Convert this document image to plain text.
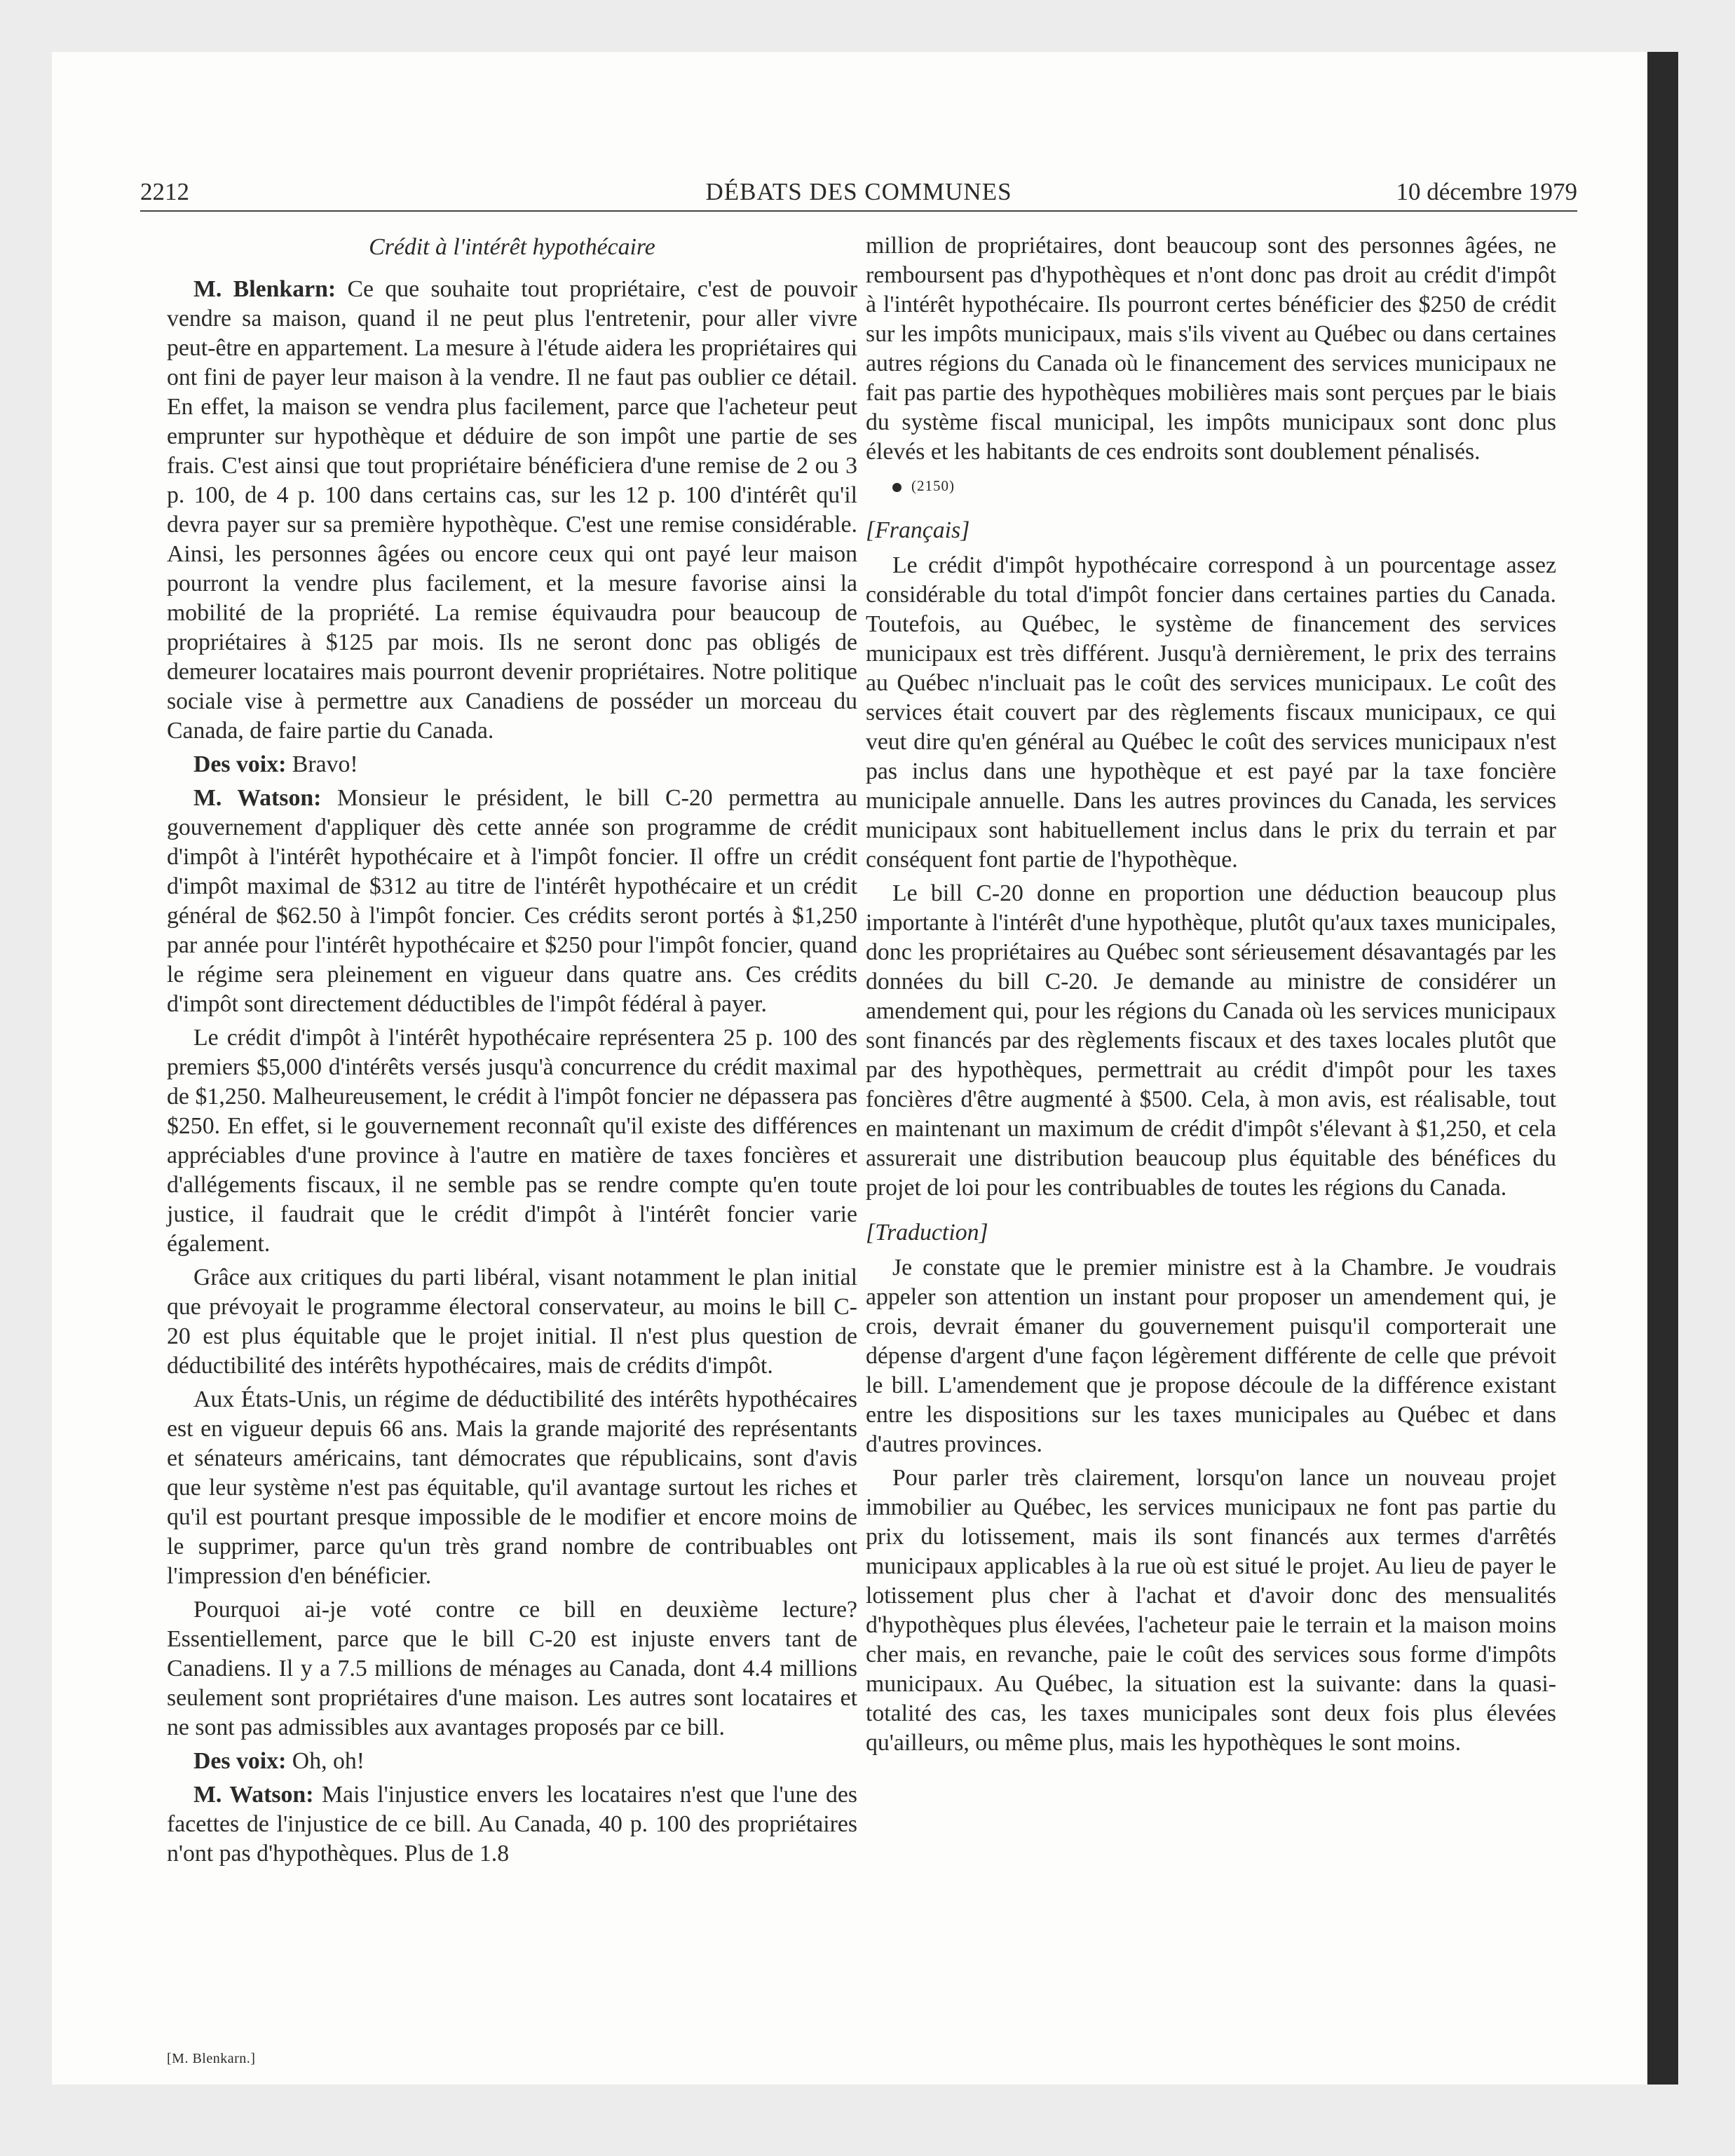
2212	DÉBATS DES COMMUNES	10 décembre 1979

Crédit à l'intérêt hypothécaire

M. Blenkarn: Ce que souhaite tout propriétaire, c'est de pouvoir vendre sa maison, quand il ne peut plus l'entretenir, pour aller vivre peut-être en appartement. La mesure à l'étude aidera les propriétaires qui ont fini de payer leur maison à la vendre. Il ne faut pas oublier ce détail. En effet, la maison se vendra plus facilement, parce que l'acheteur peut emprunter sur hypothèque et déduire de son impôt une partie de ses frais. C'est ainsi que tout propriétaire bénéficiera d'une remise de 2 ou 3 p. 100, de 4 p. 100 dans certains cas, sur les 12 p. 100 d'intérêt qu'il devra payer sur sa première hypothèque. C'est une remise considérable. Ainsi, les personnes âgées ou encore ceux qui ont payé leur maison pourront la vendre plus facilement, et la mesure favorise ainsi la mobilité de la propriété. La remise équivaudra pour beaucoup de propriétaires à $125 par mois. Ils ne seront donc pas obligés de demeurer locataires mais pourront devenir propriétaires. Notre politique sociale vise à permettre aux Canadiens de posséder un morceau du Canada, de faire partie du Canada.

Des voix: Bravo!

M. Watson: Monsieur le président, le bill C-20 permettra au gouvernement d'appliquer dès cette année son programme de crédit d'impôt à l'intérêt hypothécaire et à l'impôt foncier. Il offre un crédit d'impôt maximal de $312 au titre de l'intérêt hypothécaire et un crédit général de $62.50 à l'impôt foncier. Ces crédits seront portés à $1,250 par année pour l'intérêt hypothécaire et $250 pour l'impôt foncier, quand le régime sera pleinement en vigueur dans quatre ans. Ces crédits d'impôt sont directement déductibles de l'impôt fédéral à payer.

Le crédit d'impôt à l'intérêt hypothécaire représentera 25 p. 100 des premiers $5,000 d'intérêts versés jusqu'à concurrence du crédit maximal de $1,250. Malheureusement, le crédit à l'impôt foncier ne dépassera pas $250. En effet, si le gouvernement reconnaît qu'il existe des différences appréciables d'une province à l'autre en matière de taxes foncières et d'allégements fiscaux, il ne semble pas se rendre compte qu'en toute justice, il faudrait que le crédit d'impôt à l'intérêt foncier varie également.

Grâce aux critiques du parti libéral, visant notamment le plan initial que prévoyait le programme électoral conservateur, au moins le bill C-20 est plus équitable que le projet initial. Il n'est plus question de déductibilité des intérêts hypothécaires, mais de crédits d'impôt.

Aux États-Unis, un régime de déductibilité des intérêts hypothécaires est en vigueur depuis 66 ans. Mais la grande majorité des représentants et sénateurs américains, tant démocrates que républicains, sont d'avis que leur système n'est pas équitable, qu'il avantage surtout les riches et qu'il est pourtant presque impossible de le modifier et encore moins de le supprimer, parce qu'un très grand nombre de contribuables ont l'impression d'en bénéficier.

Pourquoi ai-je voté contre ce bill en deuxième lecture? Essentiellement, parce que le bill C-20 est injuste envers tant de Canadiens. Il y a 7.5 millions de ménages au Canada, dont 4.4 millions seulement sont propriétaires d'une maison. Les autres sont locataires et ne sont pas admissibles aux avantages proposés par ce bill.

Des voix: Oh, oh!

M. Watson: Mais l'injustice envers les locataires n'est que l'une des facettes de l'injustice de ce bill. Au Canada, 40 p. 100 des propriétaires n'ont pas d'hypothèques. Plus de 1.8

million de propriétaires, dont beaucoup sont des personnes âgées, ne remboursent pas d'hypothèques et n'ont donc pas droit au crédit d'impôt à l'intérêt hypothécaire. Ils pourront certes bénéficier des $250 de crédit sur les impôts municipaux, mais s'ils vivent au Québec ou dans certaines autres régions du Canada où le financement des services municipaux ne fait pas partie des hypothèques mobilières mais sont perçues par le biais du système fiscal municipal, les impôts municipaux sont donc plus élevés et les habitants de ces endroits sont doublement pénalisés.

(2150)

[Français]

Le crédit d'impôt hypothécaire correspond à un pourcentage assez considérable du total d'impôt foncier dans certaines parties du Canada. Toutefois, au Québec, le système de financement des services municipaux est très différent. Jusqu'à dernièrement, le prix des terrains au Québec n'incluait pas le coût des services municipaux. Le coût des services était couvert par des règlements fiscaux municipaux, ce qui veut dire qu'en général au Québec le coût des services municipaux n'est pas inclus dans une hypothèque et est payé par la taxe foncière municipale annuelle. Dans les autres provinces du Canada, les services municipaux sont habituellement inclus dans le prix du terrain et par conséquent font partie de l'hypothèque.

Le bill C-20 donne en proportion une déduction beaucoup plus importante à l'intérêt d'une hypothèque, plutôt qu'aux taxes municipales, donc les propriétaires au Québec sont sérieusement désavantagés par les données du bill C-20. Je demande au ministre de considérer un amendement qui, pour les régions du Canada où les services municipaux sont financés par des règlements fiscaux et des taxes locales plutôt que par des hypothèques, permettrait au crédit d'impôt pour les taxes foncières d'être augmenté à $500. Cela, à mon avis, est réalisable, tout en maintenant un maximum de crédit d'impôt s'élevant à $1,250, et cela assurerait une distribution beaucoup plus équitable des bénéfices du projet de loi pour les contribuables de toutes les régions du Canada.

[Traduction]

Je constate que le premier ministre est à la Chambre. Je voudrais appeler son attention un instant pour proposer un amendement qui, je crois, devrait émaner du gouvernement puisqu'il comporterait une dépense d'argent d'une façon légèrement différente de celle que prévoit le bill. L'amendement que je propose découle de la différence existant entre les dispositions sur les taxes municipales au Québec et dans d'autres provinces.

Pour parler très clairement, lorsqu'on lance un nouveau projet immobilier au Québec, les services municipaux ne font pas partie du prix du lotissement, mais ils sont financés aux termes d'arrêtés municipaux applicables à la rue où est situé le projet. Au lieu de payer le lotissement plus cher à l'achat et d'avoir donc des mensualités d'hypothèques plus élevées, l'acheteur paie le terrain et la maison moins cher mais, en revanche, paie le coût des services sous forme d'impôts municipaux. Au Québec, la situation est la suivante: dans la quasi-totalité des cas, les taxes municipales sont deux fois plus élevées qu'ailleurs, ou même plus, mais les hypothèques le sont moins.

[M. Blenkarn.]
